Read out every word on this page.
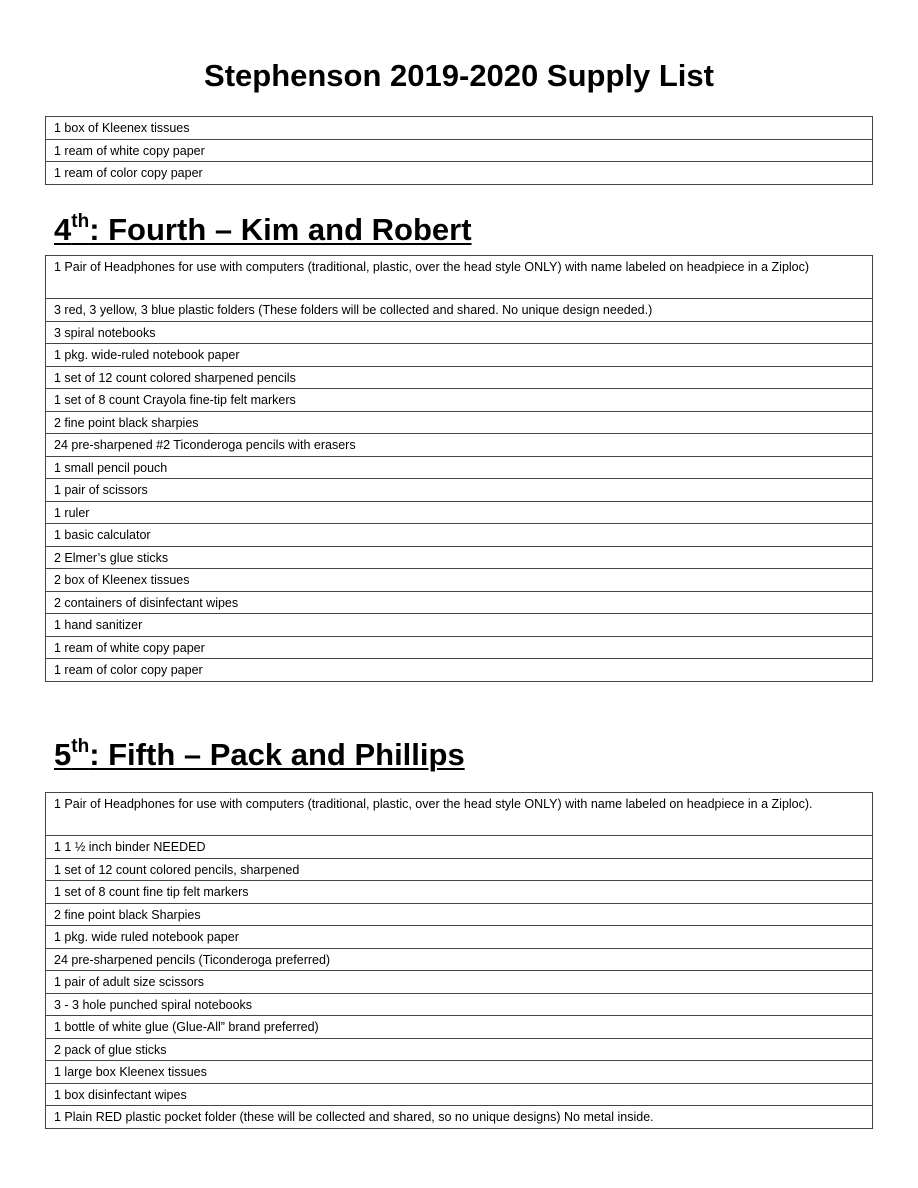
Stephenson 2019-2020 Supply List
1 box of Kleenex tissues
1 ream of white copy paper
1 ream of color copy paper
4th: Fourth – Kim and Robert
1 Pair of Headphones for use with computers (traditional, plastic, over the head style ONLY) with name labeled on headpiece in a Ziploc)
3 red, 3 yellow, 3 blue plastic folders (These folders will be collected and shared. No unique design needed.)
3 spiral notebooks
1 pkg. wide-ruled notebook paper
1 set of 12 count colored sharpened pencils
1 set of 8 count Crayola fine-tip felt markers
2 fine point black sharpies
24 pre-sharpened #2 Ticonderoga pencils with erasers
1 small pencil pouch
1 pair of scissors
1 ruler
1 basic calculator
2 Elmer’s glue sticks
2 box of Kleenex tissues
2 containers of disinfectant wipes
1 hand sanitizer
1 ream of white copy paper
1 ream of color copy paper
5th: Fifth – Pack and Phillips
1 Pair of Headphones for use with computers (traditional, plastic, over the head style ONLY) with name labeled on headpiece in a Ziploc).
1 1 ½ inch binder NEEDED
1 set of 12 count colored pencils, sharpened
1 set of 8 count fine tip felt markers
2 fine point black Sharpies
1 pkg. wide ruled notebook paper
24 pre-sharpened pencils (Ticonderoga preferred)
1 pair of adult size scissors
3 - 3 hole punched spiral notebooks
1 bottle of white glue (Glue-All” brand preferred)
2 pack of glue sticks
1 large box Kleenex tissues
1 box disinfectant wipes
1 Plain RED plastic pocket folder (these will be collected and shared, so no unique designs) No metal inside.
